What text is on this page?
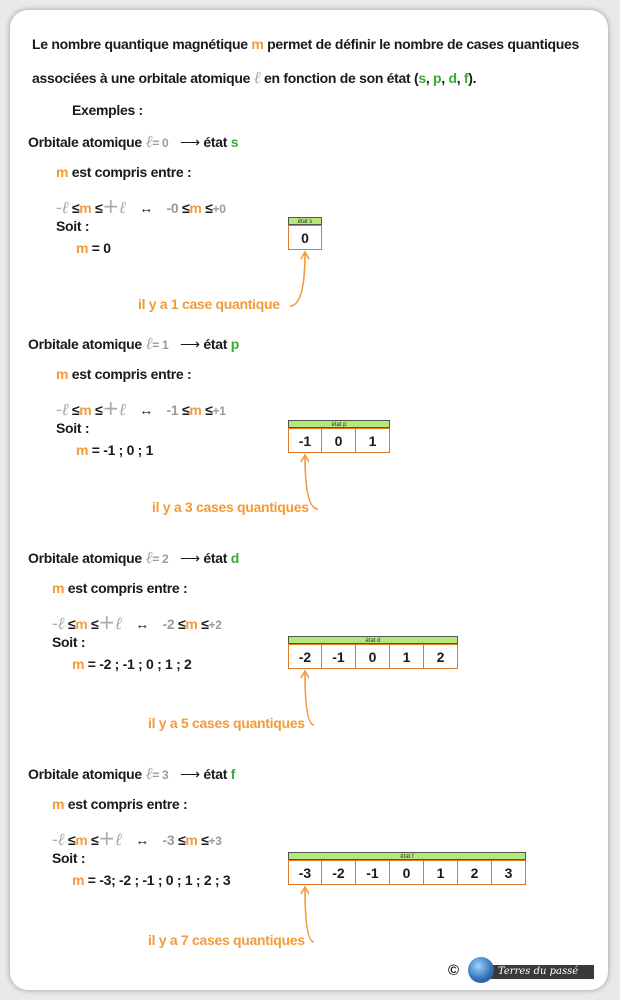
Le nombre quantique magnétique m permet de définir le nombre de cases quantiques
associées à une orbitale atomique ℓ en fonction de son état (s, p, d, f).
Exemples :
Orbitale atomique ℓ= 0 ⟶ état s
m est compris entre :
-ℓ ≤m ≤+ℓ ↔ -0 ≤m ≤+0
Soit :
m = 0
état s
0
il y a 1 case quantique
Orbitale atomique ℓ= 1 ⟶ état p
m est compris entre :
-ℓ ≤m ≤+ℓ ↔ -1 ≤m ≤+1
Soit :
m = -1 ; 0 ; 1
état p
-1	0	1
il y a 3 cases quantiques
Orbitale atomique ℓ= 2 ⟶ état d
m est compris entre :
-ℓ ≤m ≤+ℓ ↔ -2 ≤m ≤+2
Soit :
m = -2 ; -1 ; 0 ; 1 ; 2
état d
-2	-1	0	1	2
il y a 5 cases quantiques
Orbitale atomique ℓ= 3 ⟶ état f
m est compris entre :
-ℓ ≤m ≤+ℓ ↔ -3 ≤m ≤+3
Soit :
m = -3; -2 ; -1 ; 0 ; 1 ; 2 ; 3
état f
-3	-2	-1	0	1	2	3
il y a 7 cases quantiques
Terres du passé
©
